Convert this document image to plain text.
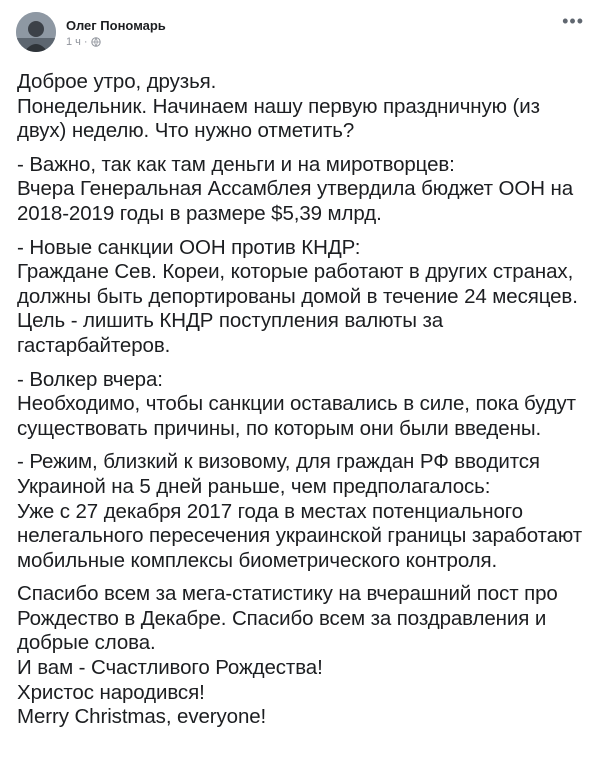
Олег Пономарь
1 ч ·
•••

Доброе утро, друзья.

Понедельник. Начинаем нашу первую праздничную (из двух) неделю. Что нужно отметить?

- Важно, так как там деньги и на миротворцев:

Вчера Генеральная Ассамблея утвердила бюджет ООН на 2018-2019 годы в размере $5,39 млрд.

- Новые санкции ООН против КНДР:

Граждане Сев. Кореи, которые работают в других странах, должны быть депортированы домой в течение 24 месяцев. Цель - лишить КНДР поступления валюты за гастарбайтеров.

- Волкер вчера:

Необходимо, чтобы санкции оставались в силе, пока будут существовать причины, по которым они были введены.

- Режим, близкий к визовому, для граждан РФ вводится Украиной на 5 дней раньше, чем предполагалось:

Уже с 27 декабря 2017 года в местах потенциального нелегального пересечения украинской границы заработают мобильные комплексы биометрического контроля.

Спасибо всем за мега-статистику на вчерашний пост про Рождество в Декабре. Спасибо всем за поздравления и добрые слова.

И вам - Счастливого Рождества!

Христос народився!

Merry Christmas, everyone!
